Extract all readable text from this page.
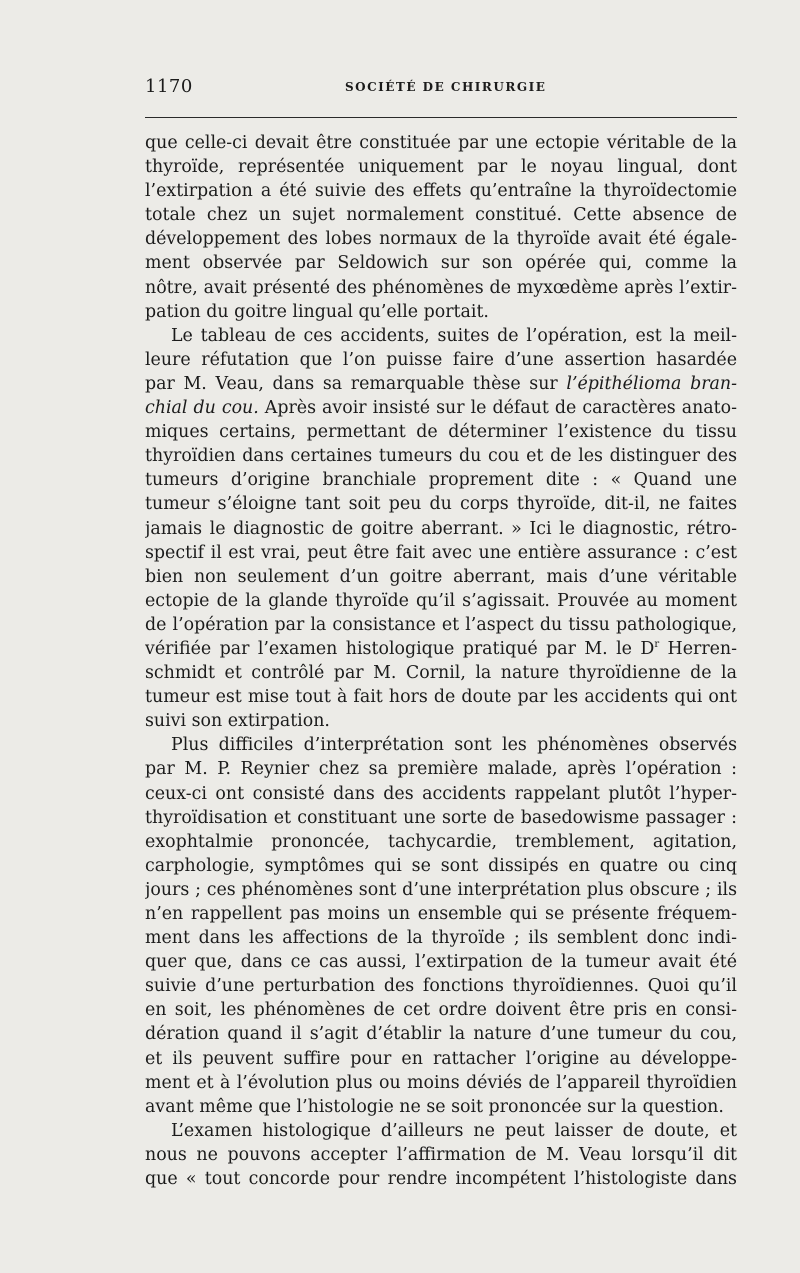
1170	SOCIÉTÉ DE CHIRURGIE
que celle-ci devait être constituée par une ectopie véritable de la
thyroïde, représentée uniquement par le noyau lingual, dont
l’extirpation a été suivie des effets qu’entraîne la thyroïdectomie
totale chez un sujet normalement constitué. Cette absence de
développement des lobes normaux de la thyroïde avait été égale-
ment observée par Seldowich sur son opérée qui, comme la
nôtre, avait présenté des phénomènes de myxœdème après l’extir-
pation du goitre lingual qu’elle portait.
Le tableau de ces accidents, suites de l’opération, est la meil-
leure réfutation que l’on puisse faire d’une assertion hasardée
par M. Veau, dans sa remarquable thèse sur l’épithélioma bran-
chial du cou. Après avoir insisté sur le défaut de caractères anato-
miques certains, permettant de déterminer l’existence du tissu
thyroïdien dans certaines tumeurs du cou et de les distinguer des
tumeurs d’origine branchiale proprement dite : « Quand une
tumeur s’éloigne tant soit peu du corps thyroïde, dit-il, ne faites
jamais le diagnostic de goitre aberrant. » Ici le diagnostic, rétro-
spectif il est vrai, peut être fait avec une entière assurance : c’est
bien non seulement d’un goitre aberrant, mais d’une véritable
ectopie de la glande thyroïde qu’il s’agissait. Prouvée au moment
de l’opération par la consistance et l’aspect du tissu pathologique,
vérifiée par l’examen histologique pratiqué par M. le $D^r$ Herren-
schmidt et contrôlé par M. Cornil, la nature thyroïdienne de la
tumeur est mise tout à fait hors de doute par les accidents qui ont
suivi son extirpation.
Plus difficiles d’interprétation sont les phénomènes observés
par M. P. Reynier chez sa première malade, après l’opération :
ceux-ci ont consisté dans des accidents rappelant plutôt l’hyper-
thyroïdisation et constituant une sorte de basedowisme passager :
exophtalmie prononcée, tachycardie, tremblement, agitation,
carphologie, symptômes qui se sont dissipés en quatre ou cinq
jours ; ces phénomènes sont d’une interprétation plus obscure ; ils
n’en rappellent pas moins un ensemble qui se présente fréquem-
ment dans les affections de la thyroïde ; ils semblent donc indi-
quer que, dans ce cas aussi, l’extirpation de la tumeur avait été
suivie d’une perturbation des fonctions thyroïdiennes. Quoi qu’il
en soit, les phénomènes de cet ordre doivent être pris en consi-
dération quand il s’agit d’établir la nature d’une tumeur du cou,
et ils peuvent suffire pour en rattacher l’origine au développe-
ment et à l’évolution plus ou moins déviés de l’appareil thyroïdien
avant même que l’histologie ne se soit prononcée sur la question.
L’examen histologique d’ailleurs ne peut laisser de doute, et
nous ne pouvons accepter l’affirmation de M. Veau lorsqu’il dit
que « tout concorde pour rendre incompétent l’histologiste dans
